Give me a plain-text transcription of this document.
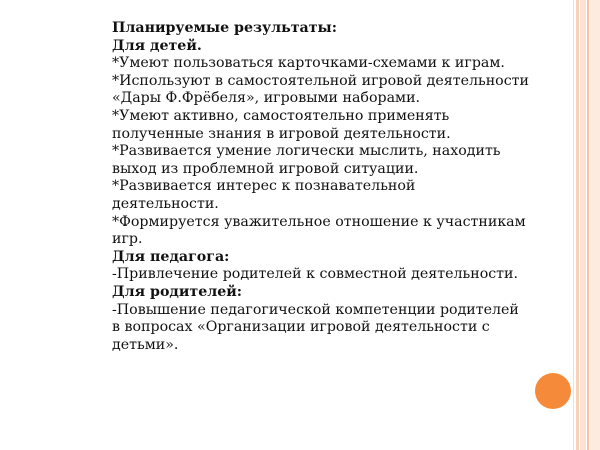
Планируемые результаты:
Для детей.
*Умеют пользоваться карточками-схемами к играм.
*Используют в самостоятельной игровой деятельности
«Дары Ф.Фрёбеля», игровыми наборами.
*Умеют активно, самостоятельно применять
полученные знания в игровой деятельности.
*Развивается умение логически мыслить, находить
выход из проблемной игровой ситуации.
*Развивается интерес к познавательной
деятельности.
*Формируется уважительное отношение к участникам
игр.
Для педагога:
-Привлечение родителей к совместной деятельности.
Для родителей:
-Повышение педагогической компетенции родителей
в вопросах «Организации игровой деятельности с
детьми».
